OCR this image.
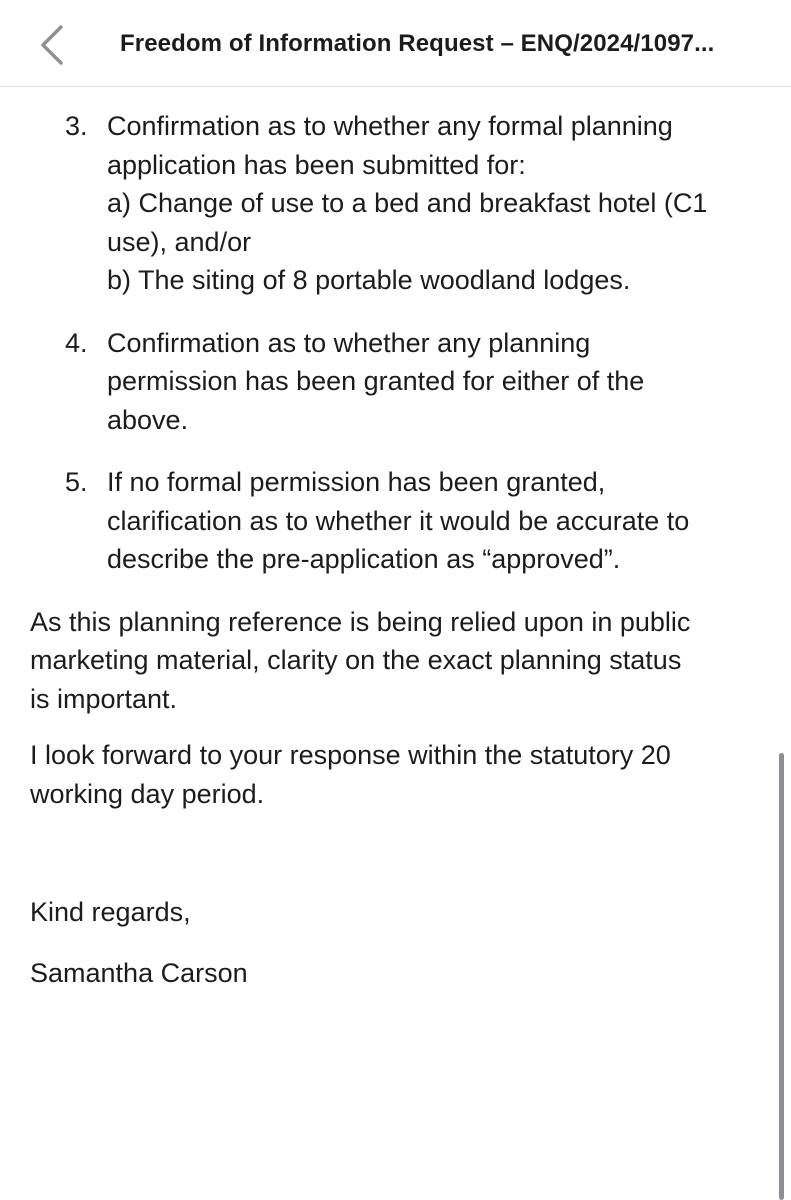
Freedom of Information Request – ENQ/2024/1097...
3. Confirmation as to whether any formal planning
application has been submitted for:
a) Change of use to a bed and breakfast hotel (C1
use), and/or
b) The siting of 8 portable woodland lodges.
4. Confirmation as to whether any planning
permission has been granted for either of the
above.
5. If no formal permission has been granted,
clarification as to whether it would be accurate to
describe the pre-application as “approved”.
As this planning reference is being relied upon in public
marketing material, clarity on the exact planning status
is important.
I look forward to your response within the statutory 20
working day period.
Kind regards,
Samantha Carson
